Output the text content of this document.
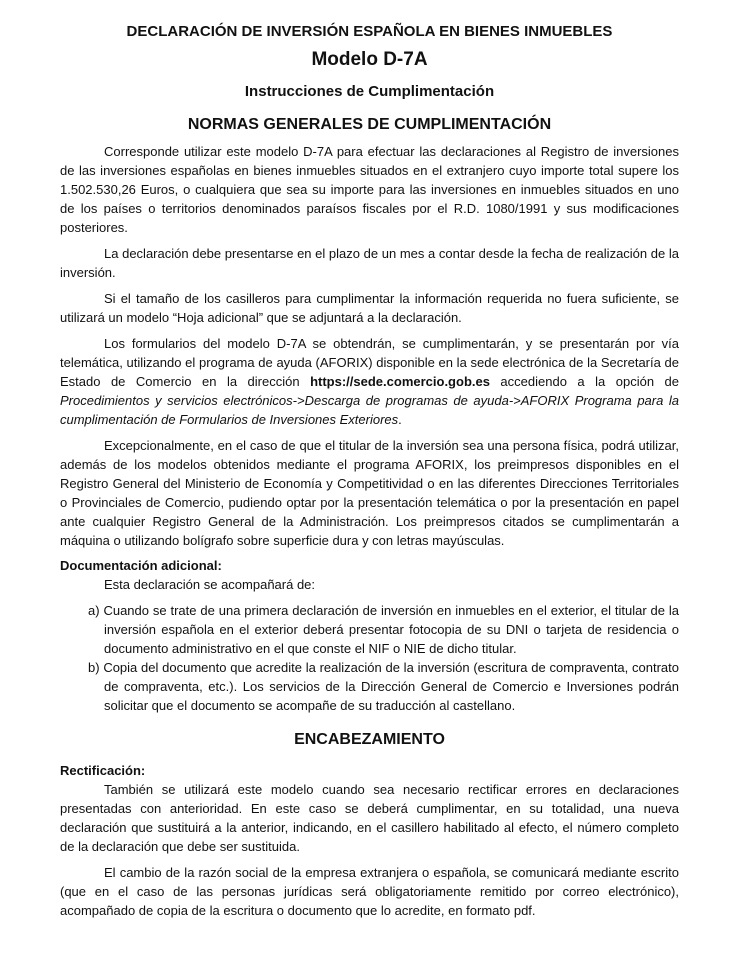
DECLARACIÓN DE INVERSIÓN ESPAÑOLA EN BIENES INMUEBLES
Modelo D-7A
Instrucciones de Cumplimentación
NORMAS GENERALES DE CUMPLIMENTACIÓN

Corresponde utilizar este modelo D-7A para efectuar las declaraciones al Registro de inversiones de las inversiones españolas en bienes inmuebles situados en el extranjero cuyo importe total supere los 1.502.530,26 Euros, o cualquiera que sea su importe para las inversiones en inmuebles situados en uno de los países o territorios denominados paraísos fiscales por el R.D. 1080/1991 y sus modificaciones posteriores.

La declaración debe presentarse en el plazo de un mes a contar desde la fecha de realización de la inversión.

Si el tamaño de los casilleros para cumplimentar la información requerida no fuera suficiente, se utilizará un modelo “Hoja adicional” que se adjuntará a la declaración.

Los formularios del modelo D-7A se obtendrán, se cumplimentarán, y se presentarán por vía telemática, utilizando el programa de ayuda (AFORIX) disponible en la sede electrónica de la Secretaría de Estado de Comercio en la dirección https://sede.comercio.gob.es accediendo a la opción de Procedimientos y servicios electrónicos->Descarga de programas de ayuda->AFORIX Programa para la cumplimentación de Formularios de Inversiones Exteriores.

Excepcionalmente, en el caso de que el titular de la inversión sea una persona física, podrá utilizar, además de los modelos obtenidos mediante el programa AFORIX, los preimpresos disponibles en el Registro General del Ministerio de Economía y Competitividad o en las diferentes Direcciones Territoriales o Provinciales de Comercio, pudiendo optar por la presentación telemática o por la presentación en papel ante cualquier Registro General de la Administración. Los preimpresos citados se cumplimentarán a máquina o utilizando bolígrafo sobre superficie dura y con letras mayúsculas.

Documentación adicional:
Esta declaración se acompañará de:
a) Cuando se trate de una primera declaración de inversión en inmuebles en el exterior, el titular de la inversión española en el exterior deberá presentar fotocopia de su DNI o tarjeta de residencia o documento administrativo en el que conste el NIF o NIE de dicho titular.
b) Copia del documento que acredite la realización de la inversión (escritura de compraventa, contrato de compraventa, etc.). Los servicios de la Dirección General de Comercio e Inversiones podrán solicitar que el documento se acompañe de su traducción al castellano.
ENCABEZAMIENTO
Rectificación:

También se utilizará este modelo cuando sea necesario rectificar errores en declaraciones presentadas con anterioridad. En este caso se deberá cumplimentar, en su totalidad, una nueva declaración que sustituirá a la anterior, indicando, en el casillero habilitado al efecto, el número completo de la declaración que debe ser sustituida.

El cambio de la razón social de la empresa extranjera o española, se comunicará mediante escrito (que en el caso de las personas jurídicas será obligatoriamente remitido por correo electrónico), acompañado de copia de la escritura o documento que lo acredite, en formato pdf.
